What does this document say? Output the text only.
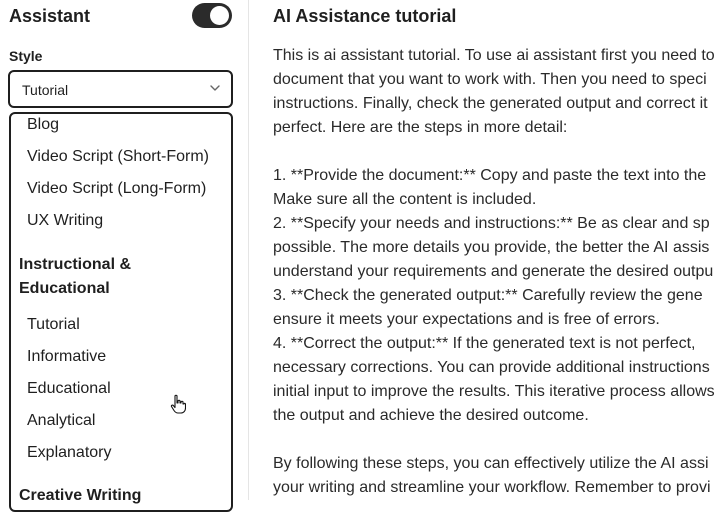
Assistant
Style
Tutorial
Blog
Video Script (Short-Form)
Video Script (Long-Form)
UX Writing
Instructional &
Educational
Tutorial
Informative
Educational
Analytical
Explanatory
Creative Writing
AI Assistance tutorial
This is ai assistant tutorial. To use ai assistant first you need to
document that you want to work with. Then you need to speci
instructions. Finally, check the generated output and correct it
perfect. Here are the steps in more detail:
1. **Provide the document:** Copy and paste the text into the
Make sure all the content is included.
2. **Specify your needs and instructions:** Be as clear and sp
possible. The more details you provide, the better the AI assis
understand your requirements and generate the desired outpu
3. **Check the generated output:** Carefully review the gene
ensure it meets your expectations and is free of errors.
4. **Correct the output:** If the generated text is not perfect,
necessary corrections. You can provide additional instructions
initial input to improve the results. This iterative process allows
the output and achieve the desired outcome.
By following these steps, you can effectively utilize the AI assi
your writing and streamline your workflow. Remember to provi
